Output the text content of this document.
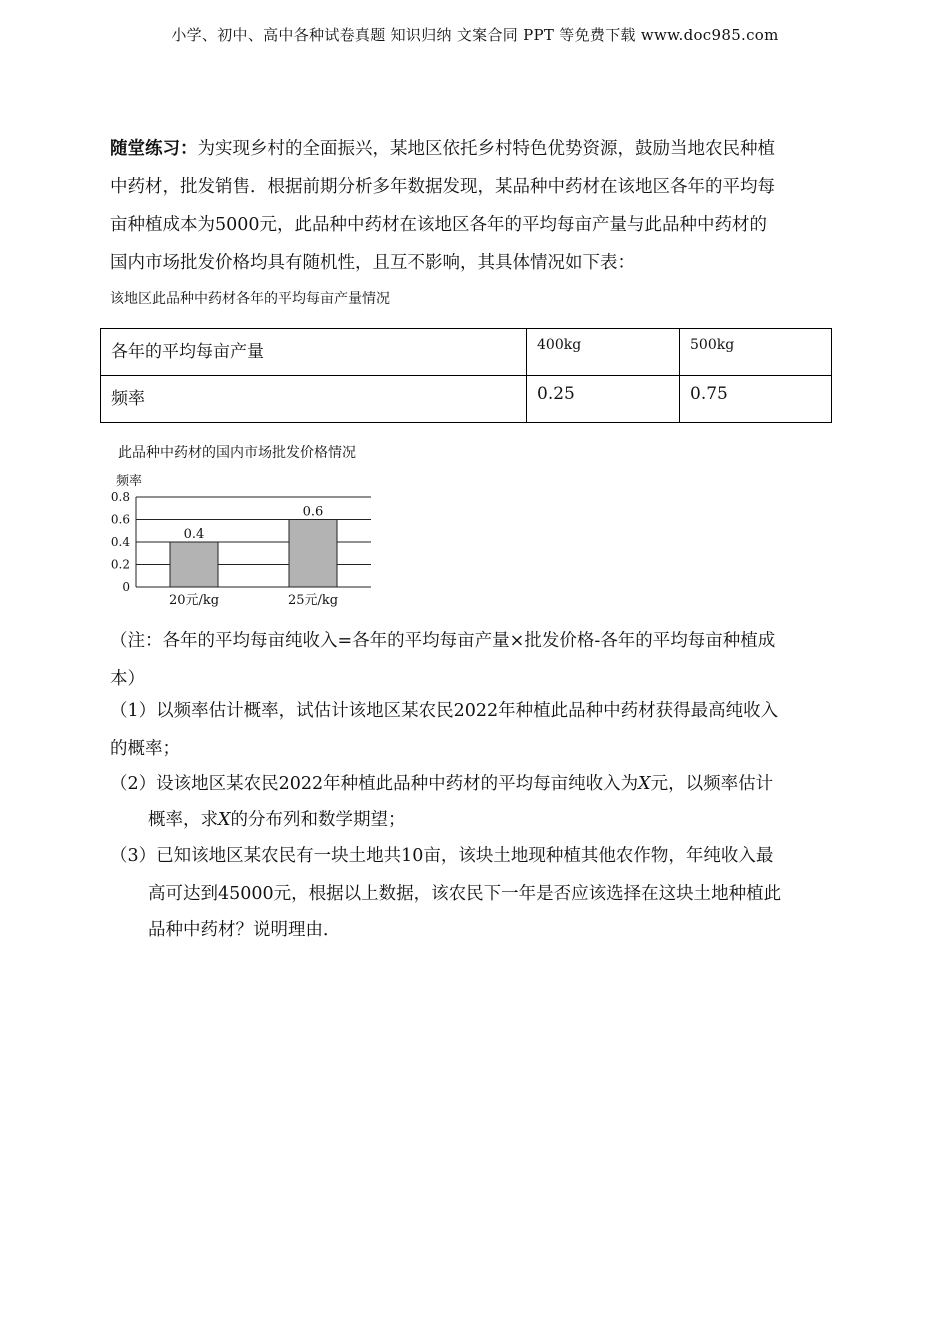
小学、初中、高中各种试卷真题 知识归纳 文案合同 PPT 等免费下载 www.doc985.com

随堂练习：为实现乡村的全面振兴，某地区依托乡村特色优势资源，鼓励当地农民种植

中药材，批发销售．根据前期分析多年数据发现，某品种中药材在该地区各年的平均每

亩种植成本为5000元，此品种中药材在该地区各年的平均每亩产量与此品种中药材的

国内市场批发价格均具有随机性，且互不影响，其具体情况如下表：

该地区此品种中药材各年的平均每亩产量情况
各年的平均每亩产量	400kg	500kg
频率	0.25	0.75
此品种中药材的国内市场批发价格情况
频率
0
0.2
0.4
0.6
0.8
0.4
0.6
20元/kg	25元/kg

（注：各年的平均每亩纯收入=各年的平均每亩产量×批发价格-各年的平均每亩种植成

本）

（1）以频率估计概率，试估计该地区某农民2022年种植此品种中药材获得最高纯收入

的概率；

（2）设该地区某农民2022年种植此品种中药材的平均每亩纯收入为X元，以频率估计

概率，求X的分布列和数学期望；

（3）已知该地区某农民有一块土地共10亩，该块土地现种植其他农作物，年纯收入最

高可达到45000元，根据以上数据，该农民下一年是否应该选择在这块土地种植此

品种中药材？说明理由．
